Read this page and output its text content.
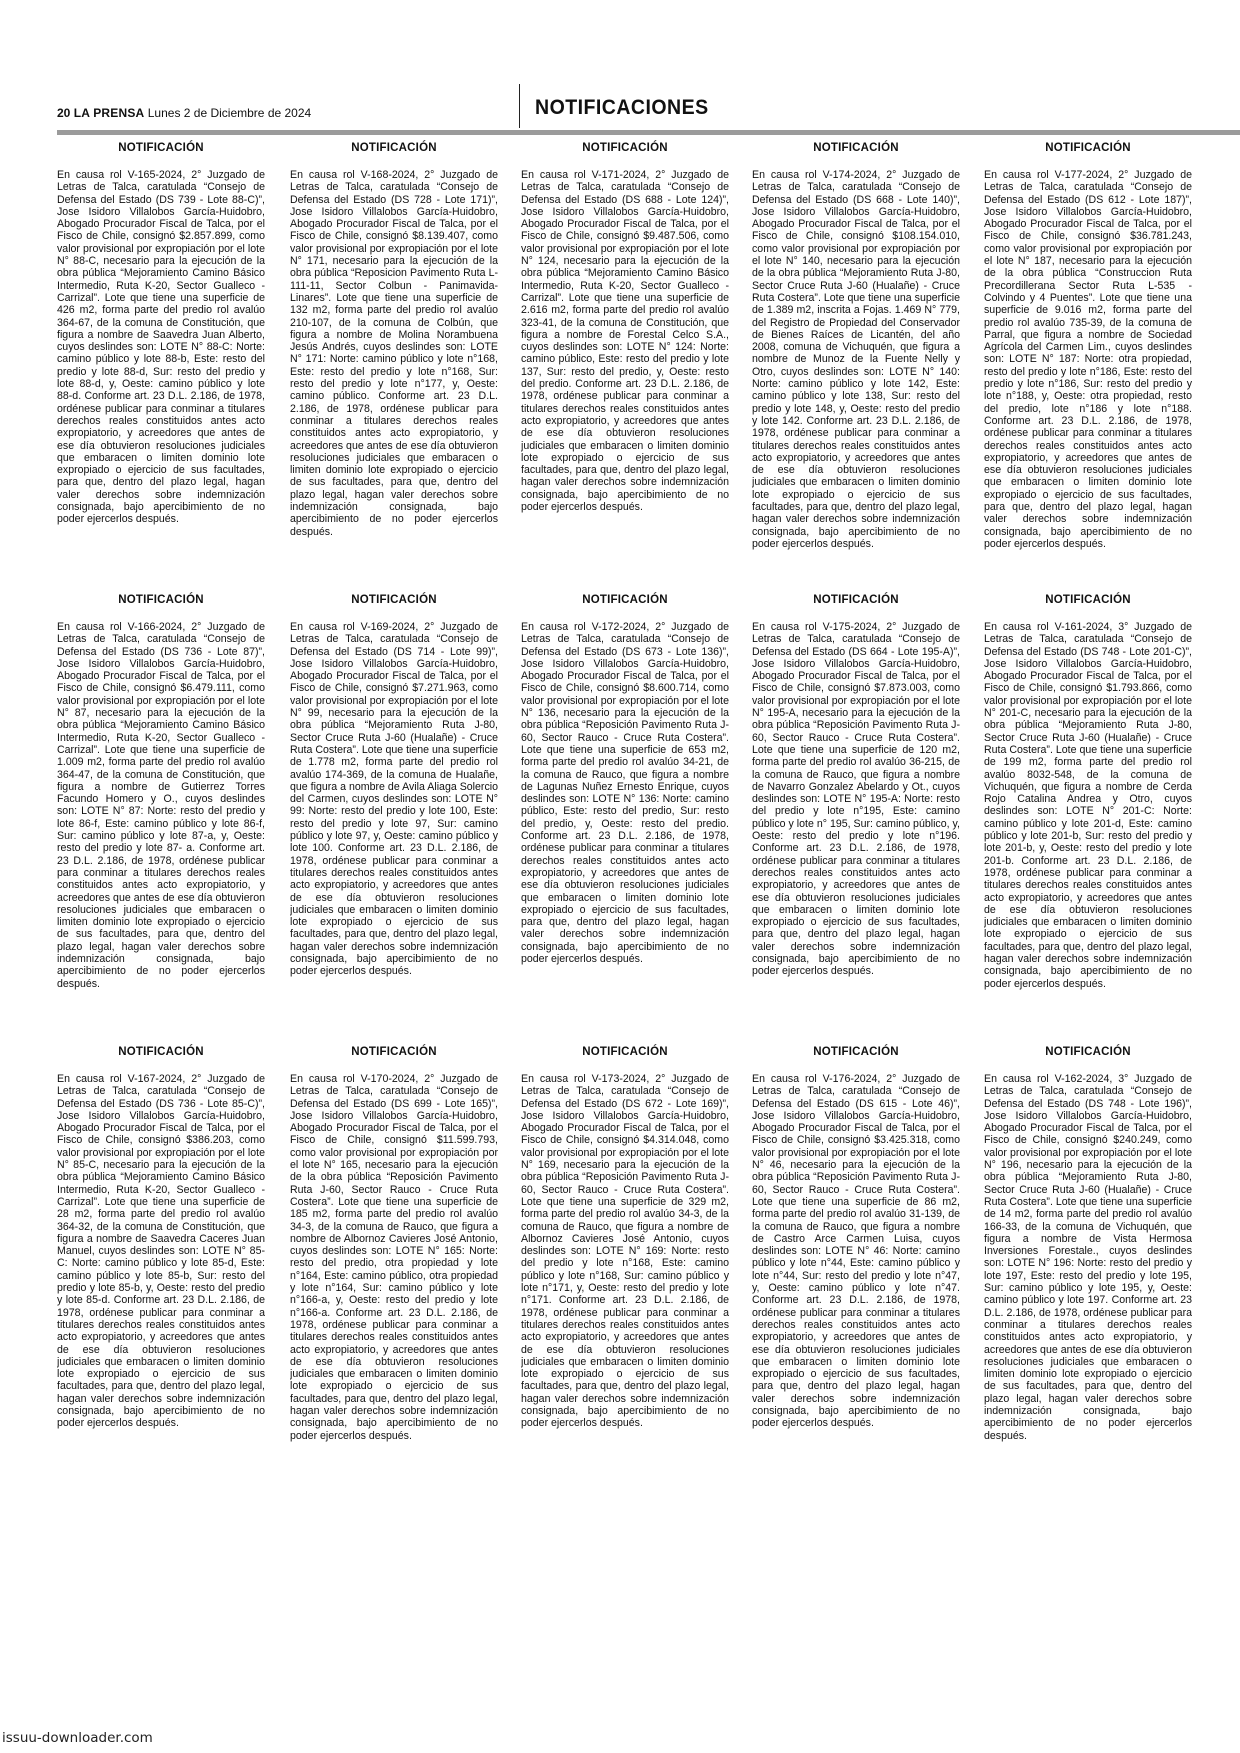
20 LA PRENSA Lunes 2 de Diciembre de 2024	NOTIFICACIONES
NOTIFICACIÓN

En causa rol V-165-2024, 2° Juzgado de Letras de Talca, caratulada “Consejo de Defensa del Estado (DS 739 - Lote 88-C)”, Jose Isidoro Villalobos García-Huidobro, Abogado Procurador Fiscal de Talca, por el Fisco de Chile, consignó $2.857.899, como valor provisional por expropiación por el lote N° 88-C, necesario para la ejecución de la obra pública “Mejoramiento Camino Básico Intermedio, Ruta K-20, Sector Gualleco - Carrizal”. Lote que tiene una superficie de 426 m2, forma parte del predio rol avalúo 364-67, de la comuna de Constitución, que figura a nombre de Saavedra Juan Alberto, cuyos deslindes son: LOTE N° 88-C: Norte: camino público y lote 88-b, Este: resto del predio y lote 88-d, Sur: resto del predio y lote 88-d, y, Oeste: camino público y lote 88-d. Conforme art. 23 D.L. 2.186, de 1978, ordénese publicar para conminar a titulares derechos reales constituidos antes acto expropiatorio, y acreedores que antes de ese día obtuvieron resoluciones judiciales que embaracen o limiten dominio lote expropiado o ejercicio de sus facultades, para que, dentro del plazo legal, hagan valer derechos sobre indemnización consignada, bajo apercibimiento de no poder ejercerlos después.

NOTIFICACIÓN

En causa rol V-166-2024, 2° Juzgado de Letras de Talca, caratulada “Consejo de Defensa del Estado (DS 736 - Lote 87)”, Jose Isidoro Villalobos García-Huidobro, Abogado Procurador Fiscal de Talca, por el Fisco de Chile, consignó $6.479.111, como valor provisional por expropiación por el lote N° 87, necesario para la ejecución de la obra pública “Mejoramiento Camino Básico Intermedio, Ruta K-20, Sector Gualleco - Carrizal”. Lote que tiene una superficie de 1.009 m2, forma parte del predio rol avalúo 364-47, de la comuna de Constitución, que figura a nombre de Gutierrez Torres Facundo Homero y O., cuyos deslindes son: LOTE N° 87: Norte: resto del predio y lote 86-f, Este: camino público y lote 86-f, Sur: camino público y lote 87-a, y, Oeste: resto del predio y lote 87- a. Conforme art. 23 D.L. 2.186, de 1978, ordénese publicar para conminar a titulares derechos reales constituidos antes acto expropiatorio, y acreedores que antes de ese día obtuvieron resoluciones judiciales que embaracen o limiten dominio lote expropiado o ejercicio de sus facultades, para que, dentro del plazo legal, hagan valer derechos sobre indemnización consignada, bajo apercibimiento de no poder ejercerlos después.

NOTIFICACIÓN

En causa rol V-167-2024, 2° Juzgado de Letras de Talca, caratulada “Consejo de Defensa del Estado (DS 736 - Lote 85-C)”, Jose Isidoro Villalobos García-Huidobro, Abogado Procurador Fiscal de Talca, por el Fisco de Chile, consignó $386.203, como valor provisional por expropiación por el lote N° 85-C, necesario para la ejecución de la obra pública “Mejoramiento Camino Básico Intermedio, Ruta K-20, Sector Gualleco - Carrizal”. Lote que tiene una superficie de 28 m2, forma parte del predio rol avalúo 364-32, de la comuna de Constitución, que figura a nombre de Saavedra Caceres Juan Manuel, cuyos deslindes son: LOTE N° 85-C: Norte: camino público y lote 85-d, Este: camino público y lote 85-b, Sur: resto del predio y lote 85-b, y, Oeste: resto del predio y lote 85-d. Conforme art. 23 D.L. 2.186, de 1978, ordénese publicar para conminar a titulares derechos reales constituidos antes acto expropiatorio, y acreedores que antes de ese día obtuvieron resoluciones judiciales que embaracen o limiten dominio lote expropiado o ejercicio de sus facultades, para que, dentro del plazo legal, hagan valer derechos sobre indemnización consignada, bajo apercibimiento de no poder ejercerlos después.

NOTIFICACIÓN

En causa rol V-168-2024, 2° Juzgado de Letras de Talca, caratulada “Consejo de Defensa del Estado (DS 728 - Lote 171)”, Jose Isidoro Villalobos García-Huidobro, Abogado Procurador Fiscal de Talca, por el Fisco de Chile, consignó $8.139.407, como valor provisional por expropiación por el lote N° 171, necesario para la ejecución de la obra pública “Reposicion Pavimento Ruta L-111-11, Sector Colbun - Panimavida-Linares”. Lote que tiene una superficie de 132 m2, forma parte del predio rol avalúo 210-107, de la comuna de Colbún, que figura a nombre de Molina Norambuena Jesús Andrés, cuyos deslindes son: LOTE N° 171: Norte: camino público y lote n°168, Este: resto del predio y lote n°168, Sur: resto del predio y lote n°177, y, Oeste: camino público. Conforme art. 23 D.L. 2.186, de 1978, ordénese publicar para conminar a titulares derechos reales constituidos antes acto expropiatorio, y acreedores que antes de ese día obtuvieron resoluciones judiciales que embaracen o limiten dominio lote expropiado o ejercicio de sus facultades, para que, dentro del plazo legal, hagan valer derechos sobre indemnización consignada, bajo apercibimiento de no poder ejercerlos después.

NOTIFICACIÓN

En causa rol V-169-2024, 2° Juzgado de Letras de Talca, caratulada “Consejo de Defensa del Estado (DS 714 - Lote 99)”, Jose Isidoro Villalobos García-Huidobro, Abogado Procurador Fiscal de Talca, por el Fisco de Chile, consignó $7.271.963, como valor provisional por expropiación por el lote N° 99, necesario para la ejecución de la obra pública “Mejoramiento Ruta J-80, Sector Cruce Ruta J-60 (Hualañe) - Cruce Ruta Costera”. Lote que tiene una superficie de 1.778 m2, forma parte del predio rol avalúo 174-369, de la comuna de Hualañe, que figura a nombre de Avila Aliaga Solercio del Carmen, cuyos deslindes son: LOTE N° 99: Norte: resto del predio y lote 100, Este: resto del predio y lote 97, Sur: camino público y lote 97, y, Oeste: camino público y lote 100. Conforme art. 23 D.L. 2.186, de 1978, ordénese publicar para conminar a titulares derechos reales constituidos antes acto expropiatorio, y acreedores que antes de ese día obtuvieron resoluciones judiciales que embaracen o limiten dominio lote expropiado o ejercicio de sus facultades, para que, dentro del plazo legal, hagan valer derechos sobre indemnización consignada, bajo apercibimiento de no poder ejercerlos después.

NOTIFICACIÓN

En causa rol V-170-2024, 2° Juzgado de Letras de Talca, caratulada “Consejo de Defensa del Estado (DS 699 - Lote 165)”, Jose Isidoro Villalobos García-Huidobro, Abogado Procurador Fiscal de Talca, por el Fisco de Chile, consignó $11.599.793, como valor provisional por expropiación por el lote N° 165, necesario para la ejecución de la obra pública “Reposición Pavimento Ruta J-60, Sector Rauco - Cruce Ruta Costera”. Lote que tiene una superficie de 185 m2, forma parte del predio rol avalúo 34-3, de la comuna de Rauco, que figura a nombre de Albornoz Cavieres José Antonio, cuyos deslindes son: LOTE N° 165: Norte: resto del predio, otra propiedad y lote n°164, Este: camino público, otra propiedad y lote n°164, Sur: camino público y lote n°166-a, y, Oeste: resto del predio y lote n°166-a. Conforme art. 23 D.L. 2.186, de 1978, ordénese publicar para conminar a titulares derechos reales constituidos antes acto expropiatorio, y acreedores que antes de ese día obtuvieron resoluciones judiciales que embaracen o limiten dominio lote expropiado o ejercicio de sus facultades, para que, dentro del plazo legal, hagan valer derechos sobre indemnización consignada, bajo apercibimiento de no poder ejercerlos después.

NOTIFICACIÓN

En causa rol V-171-2024, 2° Juzgado de Letras de Talca, caratulada “Consejo de Defensa del Estado (DS 688 - Lote 124)”, Jose Isidoro Villalobos García-Huidobro, Abogado Procurador Fiscal de Talca, por el Fisco de Chile, consignó $9.487.506, como valor provisional por expropiación por el lote N° 124, necesario para la ejecución de la obra pública “Mejoramiento Camino Básico Intermedio, Ruta K-20, Sector Gualleco - Carrizal”. Lote que tiene una superficie de 2.616 m2, forma parte del predio rol avalúo 323-41, de la comuna de Constitución, que figura a nombre de Forestal Celco S.A., cuyos deslindes son: LOTE N° 124: Norte: camino público, Este: resto del predio y lote 137, Sur: resto del predio, y, Oeste: resto del predio. Conforme art. 23 D.L. 2.186, de 1978, ordénese publicar para conminar a titulares derechos reales constituidos antes acto expropiatorio, y acreedores que antes de ese día obtuvieron resoluciones judiciales que embaracen o limiten dominio lote expropiado o ejercicio de sus facultades, para que, dentro del plazo legal, hagan valer derechos sobre indemnización consignada, bajo apercibimiento de no poder ejercerlos después.

NOTIFICACIÓN

En causa rol V-172-2024, 2° Juzgado de Letras de Talca, caratulada “Consejo de Defensa del Estado (DS 673 - Lote 136)”, Jose Isidoro Villalobos García-Huidobro, Abogado Procurador Fiscal de Talca, por el Fisco de Chile, consignó $8.600.714, como valor provisional por expropiación por el lote N° 136, necesario para la ejecución de la obra pública “Reposición Pavimento Ruta J-60, Sector Rauco - Cruce Ruta Costera”. Lote que tiene una superficie de 653 m2, forma parte del predio rol avalúo 34-21, de la comuna de Rauco, que figura a nombre de Lagunas Nuñez Ernesto Enrique, cuyos deslindes son: LOTE N° 136: Norte: camino público, Este: resto del predio, Sur: resto del predio, y, Oeste: resto del predio. Conforme art. 23 D.L. 2.186, de 1978, ordénese publicar para conminar a titulares derechos reales constituidos antes acto expropiatorio, y acreedores que antes de ese día obtuvieron resoluciones judiciales que embaracen o limiten dominio lote expropiado o ejercicio de sus facultades, para que, dentro del plazo legal, hagan valer derechos sobre indemnización consignada, bajo apercibimiento de no poder ejercerlos después.

NOTIFICACIÓN

En causa rol V-173-2024, 2° Juzgado de Letras de Talca, caratulada “Consejo de Defensa del Estado (DS 672 - Lote 169)”, Jose Isidoro Villalobos García-Huidobro, Abogado Procurador Fiscal de Talca, por el Fisco de Chile, consignó $4.314.048, como valor provisional por expropiación por el lote N° 169, necesario para la ejecución de la obra pública “Reposición Pavimento Ruta J-60, Sector Rauco - Cruce Ruta Costera”. Lote que tiene una superficie de 329 m2, forma parte del predio rol avalúo 34-3, de la comuna de Rauco, que figura a nombre de Albornoz Cavieres José Antonio, cuyos deslindes son: LOTE N° 169: Norte: resto del predio y lote n°168, Este: camino público y lote n°168, Sur: camino público y lote n°171, y, Oeste: resto del predio y lote n°171. Conforme art. 23 D.L. 2.186, de 1978, ordénese publicar para conminar a titulares derechos reales constituidos antes acto expropiatorio, y acreedores que antes de ese día obtuvieron resoluciones judiciales que embaracen o limiten dominio lote expropiado o ejercicio de sus facultades, para que, dentro del plazo legal, hagan valer derechos sobre indemnización consignada, bajo apercibimiento de no poder ejercerlos después.

NOTIFICACIÓN

En causa rol V-174-2024, 2° Juzgado de Letras de Talca, caratulada “Consejo de Defensa del Estado (DS 668 - Lote 140)”, Jose Isidoro Villalobos García-Huidobro, Abogado Procurador Fiscal de Talca, por el Fisco de Chile, consignó $108.154.010, como valor provisional por expropiación por el lote N° 140, necesario para la ejecución de la obra pública “Mejoramiento Ruta J-80, Sector Cruce Ruta J-60 (Hualañe) - Cruce Ruta Costera”. Lote que tiene una superficie de 1.389 m2, inscrita a Fojas. 1.469 N° 779, del Registro de Propiedad del Conservador de Bienes Raíces de Licantén, del año 2008, comuna de Vichuquén, que figura a nombre de Munoz de la Fuente Nelly y Otro, cuyos deslindes son: LOTE N° 140: Norte: camino público y lote 142, Este: camino público y lote 138, Sur: resto del predio y lote 148, y, Oeste: resto del predio y lote 142. Conforme art. 23 D.L. 2.186, de 1978, ordénese publicar para conminar a titulares derechos reales constituidos antes acto expropiatorio, y acreedores que antes de ese día obtuvieron resoluciones judiciales que embaracen o limiten dominio lote expropiado o ejercicio de sus facultades, para que, dentro del plazo legal, hagan valer derechos sobre indemnización consignada, bajo apercibimiento de no poder ejercerlos después.

NOTIFICACIÓN

En causa rol V-175-2024, 2° Juzgado de Letras de Talca, caratulada “Consejo de Defensa del Estado (DS 664 - Lote 195-A)”, Jose Isidoro Villalobos García-Huidobro, Abogado Procurador Fiscal de Talca, por el Fisco de Chile, consignó $7.873.003, como valor provisional por expropiación por el lote N° 195-A, necesario para la ejecución de la obra pública “Reposición Pavimento Ruta J-60, Sector Rauco - Cruce Ruta Costera”. Lote que tiene una superficie de 120 m2, forma parte del predio rol avalúo 36-215, de la comuna de Rauco, que figura a nombre de Navarro Gonzalez Abelardo y Ot., cuyos deslindes son: LOTE N° 195-A: Norte: resto del predio y lote n°195, Este: camino público y lote n° 195, Sur: camino público, y, Oeste: resto del predio y lote n°196. Conforme art. 23 D.L. 2.186, de 1978, ordénese publicar para conminar a titulares derechos reales constituidos antes acto expropiatorio, y acreedores que antes de ese día obtuvieron resoluciones judiciales que embaracen o limiten dominio lote expropiado o ejercicio de sus facultades, para que, dentro del plazo legal, hagan valer derechos sobre indemnización consignada, bajo apercibimiento de no poder ejercerlos después.

NOTIFICACIÓN

En causa rol V-176-2024, 2° Juzgado de Letras de Talca, caratulada “Consejo de Defensa del Estado (DS 615 - Lote 46)”, Jose Isidoro Villalobos García-Huidobro, Abogado Procurador Fiscal de Talca, por el Fisco de Chile, consignó $3.425.318, como valor provisional por expropiación por el lote N° 46, necesario para la ejecución de la obra pública “Reposición Pavimento Ruta J-60, Sector Rauco - Cruce Ruta Costera”. Lote que tiene una superficie de 86 m2, forma parte del predio rol avalúo 31-139, de la comuna de Rauco, que figura a nombre de Castro Arce Carmen Luisa, cuyos deslindes son: LOTE N° 46: Norte: camino público y lote n°44, Este: camino público y lote n°44, Sur: resto del predio y lote n°47, y, Oeste: camino público y lote n°47. Conforme art. 23 D.L. 2.186, de 1978, ordénese publicar para conminar a titulares derechos reales constituidos antes acto expropiatorio, y acreedores que antes de ese día obtuvieron resoluciones judiciales que embaracen o limiten dominio lote expropiado o ejercicio de sus facultades, para que, dentro del plazo legal, hagan valer derechos sobre indemnización consignada, bajo apercibimiento de no poder ejercerlos después.

NOTIFICACIÓN

En causa rol V-177-2024, 2° Juzgado de Letras de Talca, caratulada “Consejo de Defensa del Estado (DS 612 - Lote 187)”, Jose Isidoro Villalobos García-Huidobro, Abogado Procurador Fiscal de Talca, por el Fisco de Chile, consignó $36.781.243, como valor provisional por expropiación por el lote N° 187, necesario para la ejecución de la obra pública “Construccion Ruta Precordillerana Sector Ruta L-535 - Colvindo y 4 Puentes”. Lote que tiene una superficie de 9.016 m2, forma parte del predio rol avalúo 735-39, de la comuna de Parral, que figura a nombre de Sociedad Agrícola del Carmen Lim., cuyos deslindes son: LOTE N° 187: Norte: otra propiedad, resto del predio y lote n°186, Este: resto del predio y lote n°186, Sur: resto del predio y lote n°188, y, Oeste: otra propiedad, resto del predio, lote n°186 y lote n°188. Conforme art. 23 D.L. 2.186, de 1978, ordénese publicar para conminar a titulares derechos reales constituidos antes acto expropiatorio, y acreedores que antes de ese día obtuvieron resoluciones judiciales que embaracen o limiten dominio lote expropiado o ejercicio de sus facultades, para que, dentro del plazo legal, hagan valer derechos sobre indemnización consignada, bajo apercibimiento de no poder ejercerlos después.

NOTIFICACIÓN

En causa rol V-161-2024, 3° Juzgado de Letras de Talca, caratulada “Consejo de Defensa del Estado (DS 748 - Lote 201-C)”, Jose Isidoro Villalobos García-Huidobro, Abogado Procurador Fiscal de Talca, por el Fisco de Chile, consignó $1.793.866, como valor provisional por expropiación por el lote N° 201-C, necesario para la ejecución de la obra pública “Mejoramiento Ruta J-80, Sector Cruce Ruta J-60 (Hualañe) - Cruce Ruta Costera”. Lote que tiene una superficie de 199 m2, forma parte del predio rol avalúo 8032-548, de la comuna de Vichuquén, que figura a nombre de Cerda Rojo Catalina Andrea y Otro, cuyos deslindes son: LOTE N° 201-C: Norte: camino público y lote 201-d, Este: camino público y lote 201-b, Sur: resto del predio y lote 201-b, y, Oeste: resto del predio y lote 201-b. Conforme art. 23 D.L. 2.186, de 1978, ordénese publicar para conminar a titulares derechos reales constituidos antes acto expropiatorio, y acreedores que antes de ese día obtuvieron resoluciones judiciales que embaracen o limiten dominio lote expropiado o ejercicio de sus facultades, para que, dentro del plazo legal, hagan valer derechos sobre indemnización consignada, bajo apercibimiento de no poder ejercerlos después.

NOTIFICACIÓN

En causa rol V-162-2024, 3° Juzgado de Letras de Talca, caratulada “Consejo de Defensa del Estado (DS 748 - Lote 196)”, Jose Isidoro Villalobos García-Huidobro, Abogado Procurador Fiscal de Talca, por el Fisco de Chile, consignó $240.249, como valor provisional por expropiación por el lote N° 196, necesario para la ejecución de la obra pública “Mejoramiento Ruta J-80, Sector Cruce Ruta J-60 (Hualañe) - Cruce Ruta Costera”. Lote que tiene una superficie de 14 m2, forma parte del predio rol avalúo 166-33, de la comuna de Vichuquén, que figura a nombre de Vista Hermosa Inversiones Forestale., cuyos deslindes son: LOTE N° 196: Norte: resto del predio y lote 197, Este: resto del predio y lote 195, Sur: camino público y lote 195, y, Oeste: camino público y lote 197. Conforme art. 23 D.L. 2.186, de 1978, ordénese publicar para conminar a titulares derechos reales constituidos antes acto expropiatorio, y acreedores que antes de ese día obtuvieron resoluciones judiciales que embaracen o limiten dominio lote expropiado o ejercicio de sus facultades, para que, dentro del plazo legal, hagan valer derechos sobre indemnización consignada, bajo apercibimiento de no poder ejercerlos después.

issuu-downloader.com
